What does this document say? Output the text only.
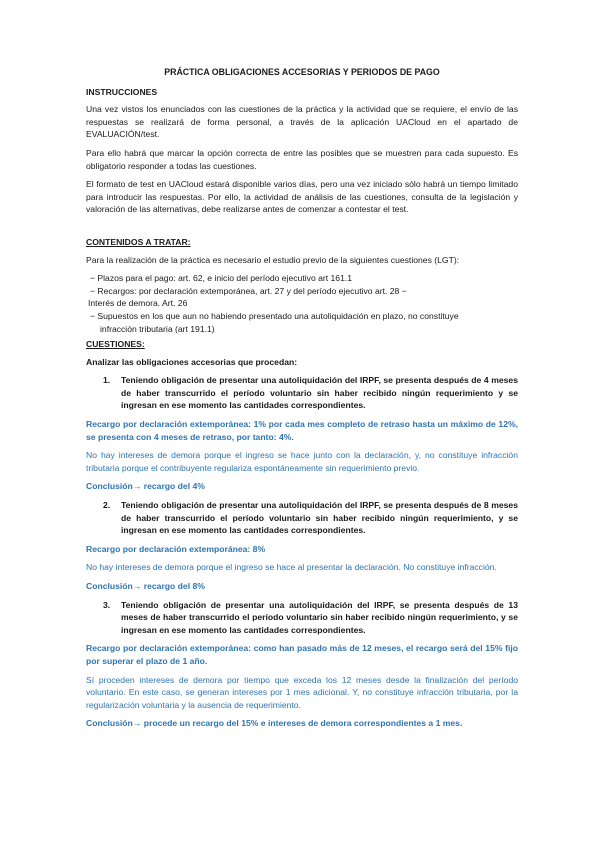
PRÁCTICA OBLIGACIONES ACCESORIAS Y PERIODOS DE PAGO
INSTRUCCIONES

Una vez vistos los enunciados con las cuestiones de la práctica y la actividad que se requiere, el envío de las respuestas se realizará de forma personal, a través de la aplicación UACloud en el apartado de EVALUACIÓN/test.

Para ello habrá que marcar la opción correcta de entre las posibles que se muestren para cada supuesto. Es obligatorio responder a todas las cuestiones.

El formato de test en UACloud estará disponible varios días, pero una vez iniciado sólo habrá un tiempo limitado para introducir las respuestas. Por ello, la actividad de análisis de las cuestiones, consulta de la legislación y valoración de las alternativas, debe realizarse antes de comenzar a contestar el test.

CONTENIDOS A TRATAR:

Para la realización de la práctica es necesario el estudio previo de la siguientes cuestiones (LGT):

− Plazos para el pago: art. 62, e inicio del período ejecutivo art 161.1
− Recargos: por declaración extemporánea, art. 27 y del período ejecutivo art. 28 −
Interés de demora. Art. 26
− Supuestos en los que aun no habiendo presentado una autoliquidación en plazo, no constituye
infracción tributaria (art 191.1)
CUESTIONES:

Analizar las obligaciones accesorias que procedan:

1.	Teniendo obligación de presentar una autoliquidación del IRPF, se presenta después de 4 meses de haber transcurrido el período voluntario sin haber recibido ningún requerimiento y se ingresan en ese momento las cantidades correspondientes.

Recargo por declaración extemporánea: 1% por cada mes completo de retraso hasta un máximo de 12%, se presenta con 4 meses de retraso, por tanto: 4%.

No hay intereses de demora porque el ingreso se hace junto con la declaración, y, no constituye infracción tributaria porque el contribuyente regulariza espontáneamente sin requerimiento previo.

Conclusión→ recargo del 4%

2.	Teniendo obligación de presentar una autoliquidación del IRPF, se presenta después de 8 meses de haber transcurrido el período voluntario sin haber recibido ningún requerimiento, y se ingresan en ese momento las cantidades correspondientes.

Recargo por declaración extemporánea: 8%

No hay intereses de demora porque el ingreso se hace al presentar la declaración. No constituye infracción.

Conclusión→ recargo del 8%

3.	Teniendo obligación de presentar una autoliquidación del IRPF, se presenta después de 13 meses de haber transcurrido el período voluntario sin haber recibido ningún requerimiento, y se ingresan en ese momento las cantidades correspondientes.

Recargo por declaración extemporánea: como han pasado más de 12 meses, el recargo será del 15% fijo por superar el plazo de 1 año.

Sí proceden intereses de demora por tiempo que exceda los 12 meses desde la finalización del período voluntario. En este caso, se generan intereses por 1 mes adicional. Y, no constituye infracción tributaria, por la regularización voluntaria y la ausencia de requerimiento.

Conclusión→ procede un recargo del 15% e intereses de demora correspondientes a 1 mes.
